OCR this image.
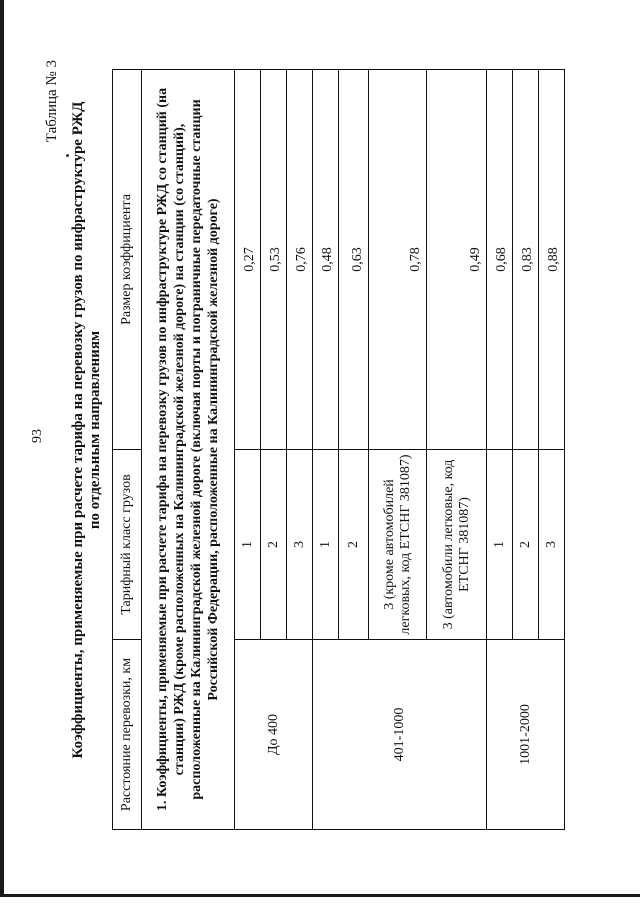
93
Таблица № 3
Коэффициенты, применяемые при расчете тарифа на перевозку грузов по инфраструктуре РЖД по отдельным направлениям
Расстояние перевозки, км	Тарифный класс грузов	Размер коэффициента
1. Коэффициенты, применяемые при расчете тарифа на перевозку грузов по инфраструктуре РЖД со станций (на станции) РЖД (кроме расположенных на Калининградской железной дороге) на станции (со станций), расположенные на Калининградской железной дороге (включая порты и пограничные передаточные станции Российской Федерации, расположенные на Калининградской железной дороге)		
До 400	1	0,27
	2	0,53
	3	0,76
401-1000	1	0,48
	2	0,63
	3 (кроме автомобилей легковых, код ЕТСНГ 381087)	0,78
	3 (автомобили легковые, код ЕТСНГ 381087)	0,49
1001-2000	1	0,68
	2	0,83
	3	0,88
